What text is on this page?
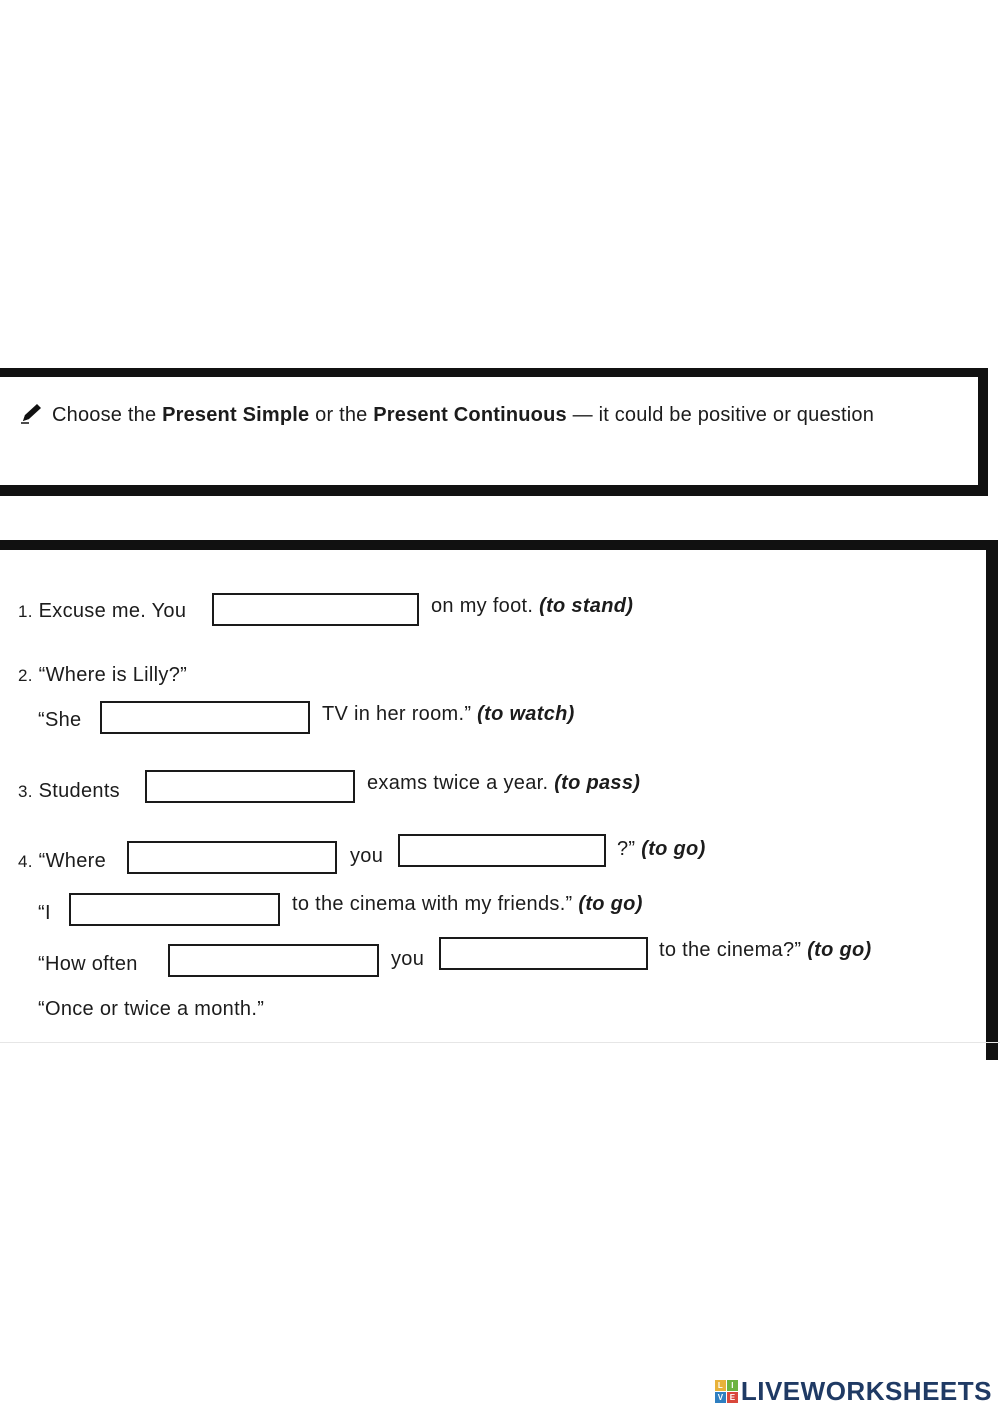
Choose the Present Simple or the Present Continuous — it could be positive or question
1. Excuse me. You	on my foot. (to stand)
2. “Where is Lilly?”
“She	TV in her room.” (to watch)
3. Students	exams twice a year. (to pass)
4. “Where	you	?” (to go)
“I	to the cinema with my friends.” (to go)
“How often	you	to the cinema?” (to go)
“Once or twice a month.”
L	I
V E LIVEWORKSHEETS
